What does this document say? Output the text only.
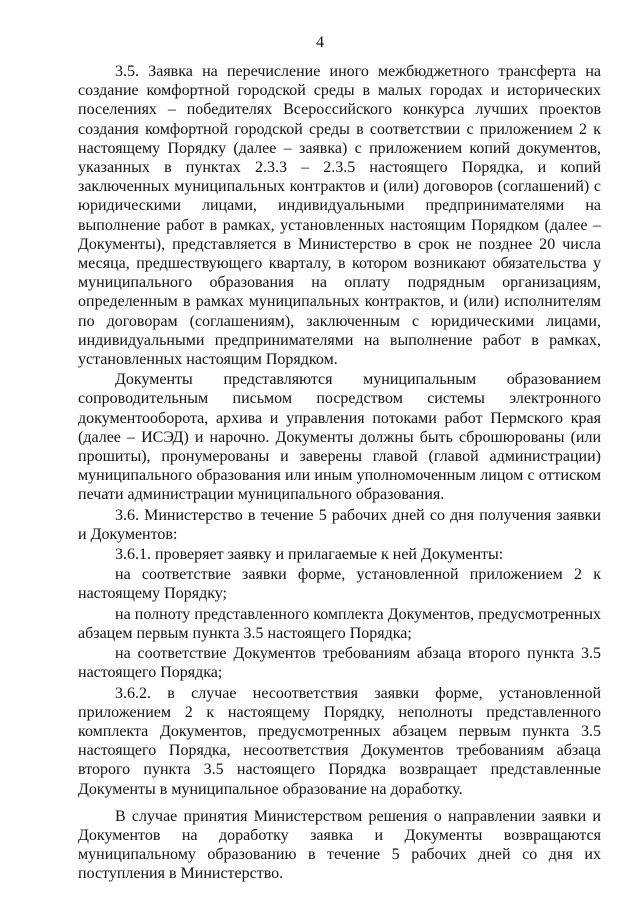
4

3.5. Заявка на перечисление иного межбюджетного трансферта на создание комфортной городской среды в малых городах и исторических поселениях – победителях Всероссийского конкурса лучших проектов создания комфортной городской среды в соответствии с приложением 2 к настоящему Порядку (далее – заявка) с приложением копий документов, указанных в пунктах 2.3.3 – 2.3.5 настоящего Порядка, и копий заключенных муниципальных контрактов и (или) договоров (соглашений) с юридическими лицами, индивидуальными предпринимателями на выполнение работ в рамках, установленных настоящим Порядком (далее – Документы), представляется в Министерство в срок не позднее 20 числа месяца, предшествующего кварталу, в котором возникают обязательства у муниципального образования на оплату подрядным организациям, определенным в рамках муниципальных контрактов, и (или) исполнителям по договорам (соглашениям), заключенным с юридическими лицами, индивидуальными предпринимателями на выполнение работ в рамках, установленных настоящим Порядком.

Документы представляются муниципальным образованием сопроводительным письмом посредством системы электронного документооборота, архива и управления потоками работ Пермского края (далее – ИСЭД) и нарочно. Документы должны быть сброшюрованы (или прошиты), пронумерованы и заверены главой (главой администрации) муниципального образования или иным уполномоченным лицом с оттиском печати администрации муниципального образования.

3.6. Министерство в течение 5 рабочих дней со дня получения заявки и Документов:

3.6.1. проверяет заявку и прилагаемые к ней Документы:

на соответствие заявки форме, установленной приложением 2 к настоящему Порядку;

на полноту представленного комплекта Документов, предусмотренных абзацем первым пункта 3.5 настоящего Порядка;

на соответствие Документов требованиям абзаца второго пункта 3.5 настоящего Порядка;

3.6.2. в случае несоответствия заявки форме, установленной приложением 2 к настоящему Порядку, неполноты представленного комплекта Документов, предусмотренных абзацем первым пункта 3.5 настоящего Порядка, несоответствия Документов требованиям абзаца второго пункта 3.5 настоящего Порядка возвращает представленные Документы в муниципальное образование на доработку.

В случае принятия Министерством решения о направлении заявки и Документов на доработку заявка и Документы возвращаются муниципальному образованию в течение 5 рабочих дней со дня их поступления в Министерство.
